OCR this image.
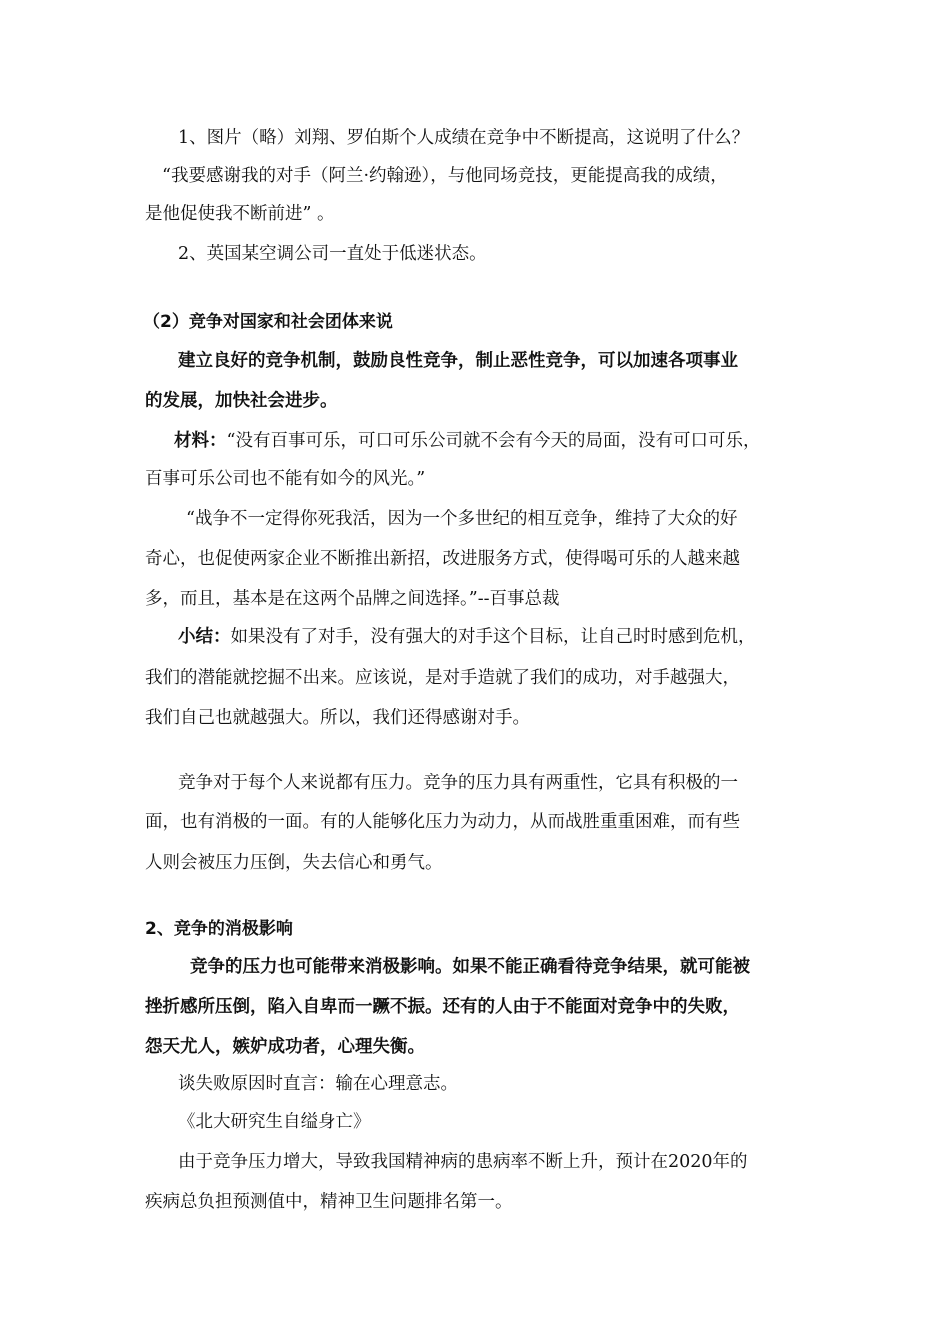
1、图片（略）刘翔、罗伯斯个人成绩在竞争中不断提高，这说明了什么？
“我要感谢我的对手（阿兰·约翰逊），与他同场竞技，更能提高我的成绩，
是他促使我不断前进” 。
2、英国某空调公司一直处于低迷状态。
（2）竞争对国家和社会团体来说
建立良好的竞争机制，鼓励良性竞争，制止恶性竞争，可以加速各项事业
的发展，加快社会进步。
材料：“没有百事可乐，可口可乐公司就不会有今天的局面，没有可口可乐，
百事可乐公司也不能有如今的风光。”
“战争不一定得你死我活，因为一个多世纪的相互竞争，维持了大众的好
奇心，也促使两家企业不断推出新招，改进服务方式，使得喝可乐的人越来越
多，而且，基本是在这两个品牌之间选择。”--百事总裁
小结：如果没有了对手，没有强大的对手这个目标，让自己时时感到危机，
我们的潜能就挖掘不出来。应该说，是对手造就了我们的成功，对手越强大，
我们自己也就越强大。所以，我们还得感谢对手。
竞争对于每个人来说都有压力。竞争的压力具有两重性，它具有积极的一
面，也有消极的一面。有的人能够化压力为动力，从而战胜重重困难，而有些
人则会被压力压倒，失去信心和勇气。
2、竞争的消极影响
竞争的压力也可能带来消极影响。如果不能正确看待竞争结果，就可能被
挫折感所压倒，陷入自卑而一蹶不振。还有的人由于不能面对竞争中的失败，
怨天尤人，嫉妒成功者，心理失衡。
谈失败原因时直言：输在心理意志。
《北大研究生自缢身亡》
由于竞争压力增大，导致我国精神病的患病率不断上升，预计在2020年的
疾病总负担预测值中，精神卫生问题排名第一。
